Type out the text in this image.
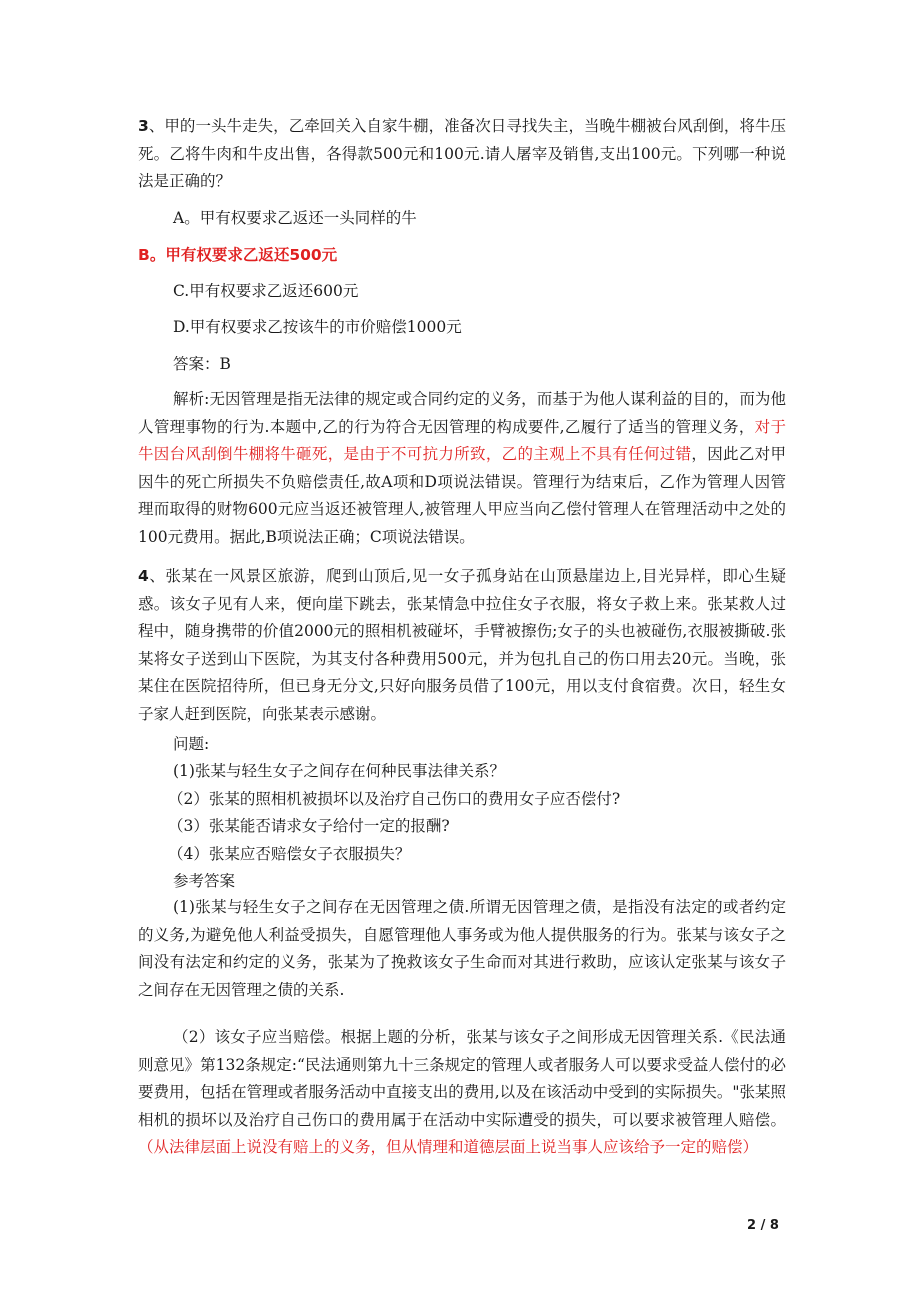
3、甲的一头牛走失，乙牵回关入自家牛棚，准备次日寻找失主，当晚牛棚被台风刮倒，将牛压死。乙将牛肉和牛皮出售，各得款500元和100元.请人屠宰及销售,支出100元。下列哪一种说法是正确的？

A。甲有权要求乙返还一头同样的牛

B。甲有权要求乙返还500元

C.甲有权要求乙返还600元

D.甲有权要求乙按该牛的市价赔偿1000元

答案：B

解析:无因管理是指无法律的规定或合同约定的义务，而基于为他人谋利益的目的，而为他人管理事物的行为.本题中,乙的行为符合无因管理的构成要件,乙履行了适当的管理义务，对于牛因台风刮倒牛棚将牛砸死，是由于不可抗力所致，乙的主观上不具有任何过错，因此乙对甲因牛的死亡所损失不负赔偿责任,故A项和D项说法错误。管理行为结束后，乙作为管理人因管理而取得的财物600元应当返还被管理人,被管理人甲应当向乙偿付管理人在管理活动中之处的100元费用。据此,B项说法正确；C项说法错误。

4、张某在一风景区旅游，爬到山顶后,见一女子孤身站在山顶悬崖边上,目光异样，即心生疑惑。该女子见有人来，便向崖下跳去，张某情急中拉住女子衣服，将女子救上来。张某救人过程中，随身携带的价值2000元的照相机被碰坏，手臂被擦伤;女子的头也被碰伤,衣服被撕破.张某将女子送到山下医院，为其支付各种费用500元，并为包扎自己的伤口用去20元。当晚，张某住在医院招待所，但已身无分文,只好向服务员借了100元，用以支付食宿费。次日，轻生女子家人赶到医院，向张某表示感谢。

问题:

(1)张某与轻生女子之间存在何种民事法律关系？

（2）张某的照相机被损坏以及治疗自己伤口的费用女子应否偿付?

（3）张某能否请求女子给付一定的报酬?

（4）张某应否赔偿女子衣服损失？

参考答案

(1)张某与轻生女子之间存在无因管理之债.所谓无因管理之债，是指没有法定的或者约定的义务,为避免他人利益受损失，自愿管理他人事务或为他人提供服务的行为。张某与该女子之间没有法定和约定的义务，张某为了挽救该女子生命而对其进行救助，应该认定张某与该女子之间存在无因管理之债的关系.

（2）该女子应当赔偿。根据上题的分析，张某与该女子之间形成无因管理关系.《民法通则意见》第132条规定:“民法通则第九十三条规定的管理人或者服务人可以要求受益人偿付的必要费用，包括在管理或者服务活动中直接支出的费用,以及在该活动中受到的实际损失。"张某照相机的损坏以及治疗自己伤口的费用属于在活动中实际遭受的损失，可以要求被管理人赔偿。（从法律层面上说没有赔上的义务，但从情理和道德层面上说当事人应该给予一定的赔偿）

2 / 8
